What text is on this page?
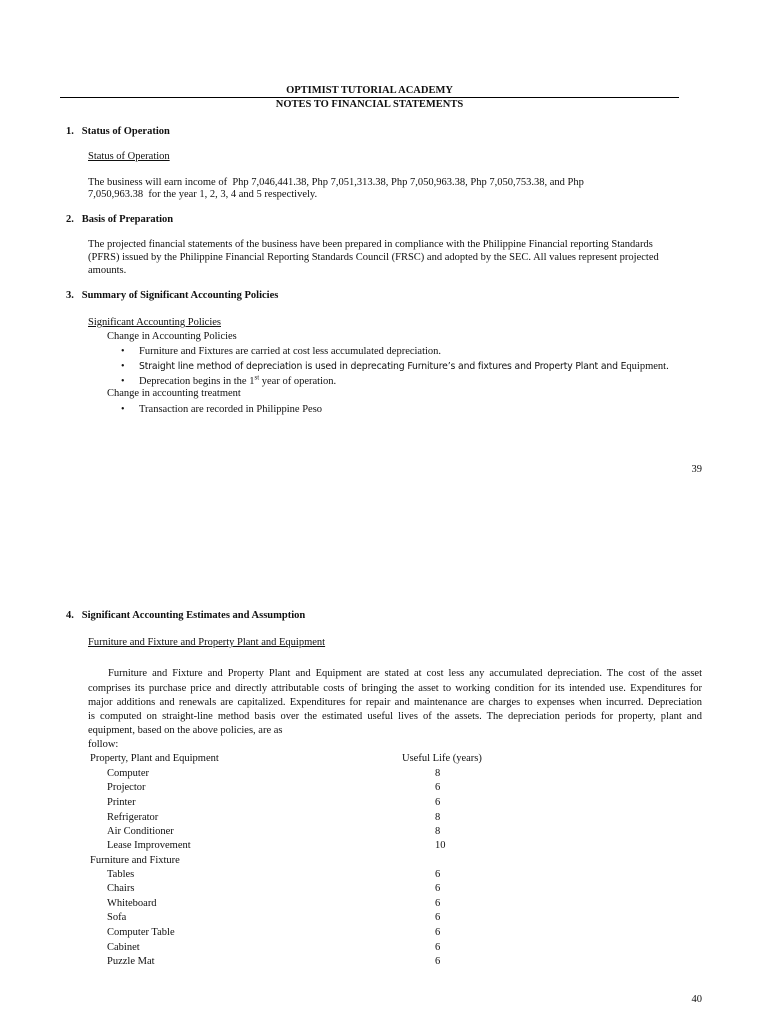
OPTIMIST TUTORIAL ACADEMY
NOTES TO FINANCIAL STATEMENTS
1.   Status of Operation
Status of Operation
The business will earn income of  Php 7,046,441.38, Php 7,051,313.38, Php 7,050,963.38, Php 7,050,753.38, and Php
7,050,963.38  for the year 1, 2, 3, 4 and 5 respectively.
2.   Basis of Preparation
The projected financial statements of the business have been prepared in compliance with the Philippine Financial reporting Standards
(PFRS) issued by the Philippine Financial Reporting Standards Council (FRSC) and adopted by the SEC. All values represent projected
amounts.
3.   Summary of Significant Accounting Policies
Significant Accounting Policies
Change in Accounting Policies
• Furniture and Fixtures are carried at cost less accumulated depreciation.
• Straight line method of depreciation is used in deprecating Furniture’s and fixtures and Property Plant and Equipment.
• Deprecation begins in the 1st year of operation.
Change in accounting treatment
• Transaction are recorded in Philippine Peso
39
4.   Significant Accounting Estimates and Assumption
Furniture and Fixture and Property Plant and Equipment
Furniture and Fixture and Property Plant and Equipment are stated at cost less any accumulated depreciation. The cost of the asset
comprises its purchase price and directly attributable costs of bringing the asset to working condition for its intended use. Expenditures for
major additions and renewals are capitalized. Expenditures for repair and maintenance are charges to expenses when incurred. Depreciation
is computed on straight-line method basis over the estimated useful lives of the assets. The depreciation periods for property, plant and
equipment, based on the above policies, are as
follow:
Property, Plant and Equipment	Useful Life (years)
Computer	8
Projector	6
Printer	6
Refrigerator	8
Air Conditioner	8
Lease Improvement	10
Furniture and Fixture
Tables	6
Chairs	6
Whiteboard	6
Sofa	6
Computer Table	6
Cabinet	6
Puzzle Mat	6
40
